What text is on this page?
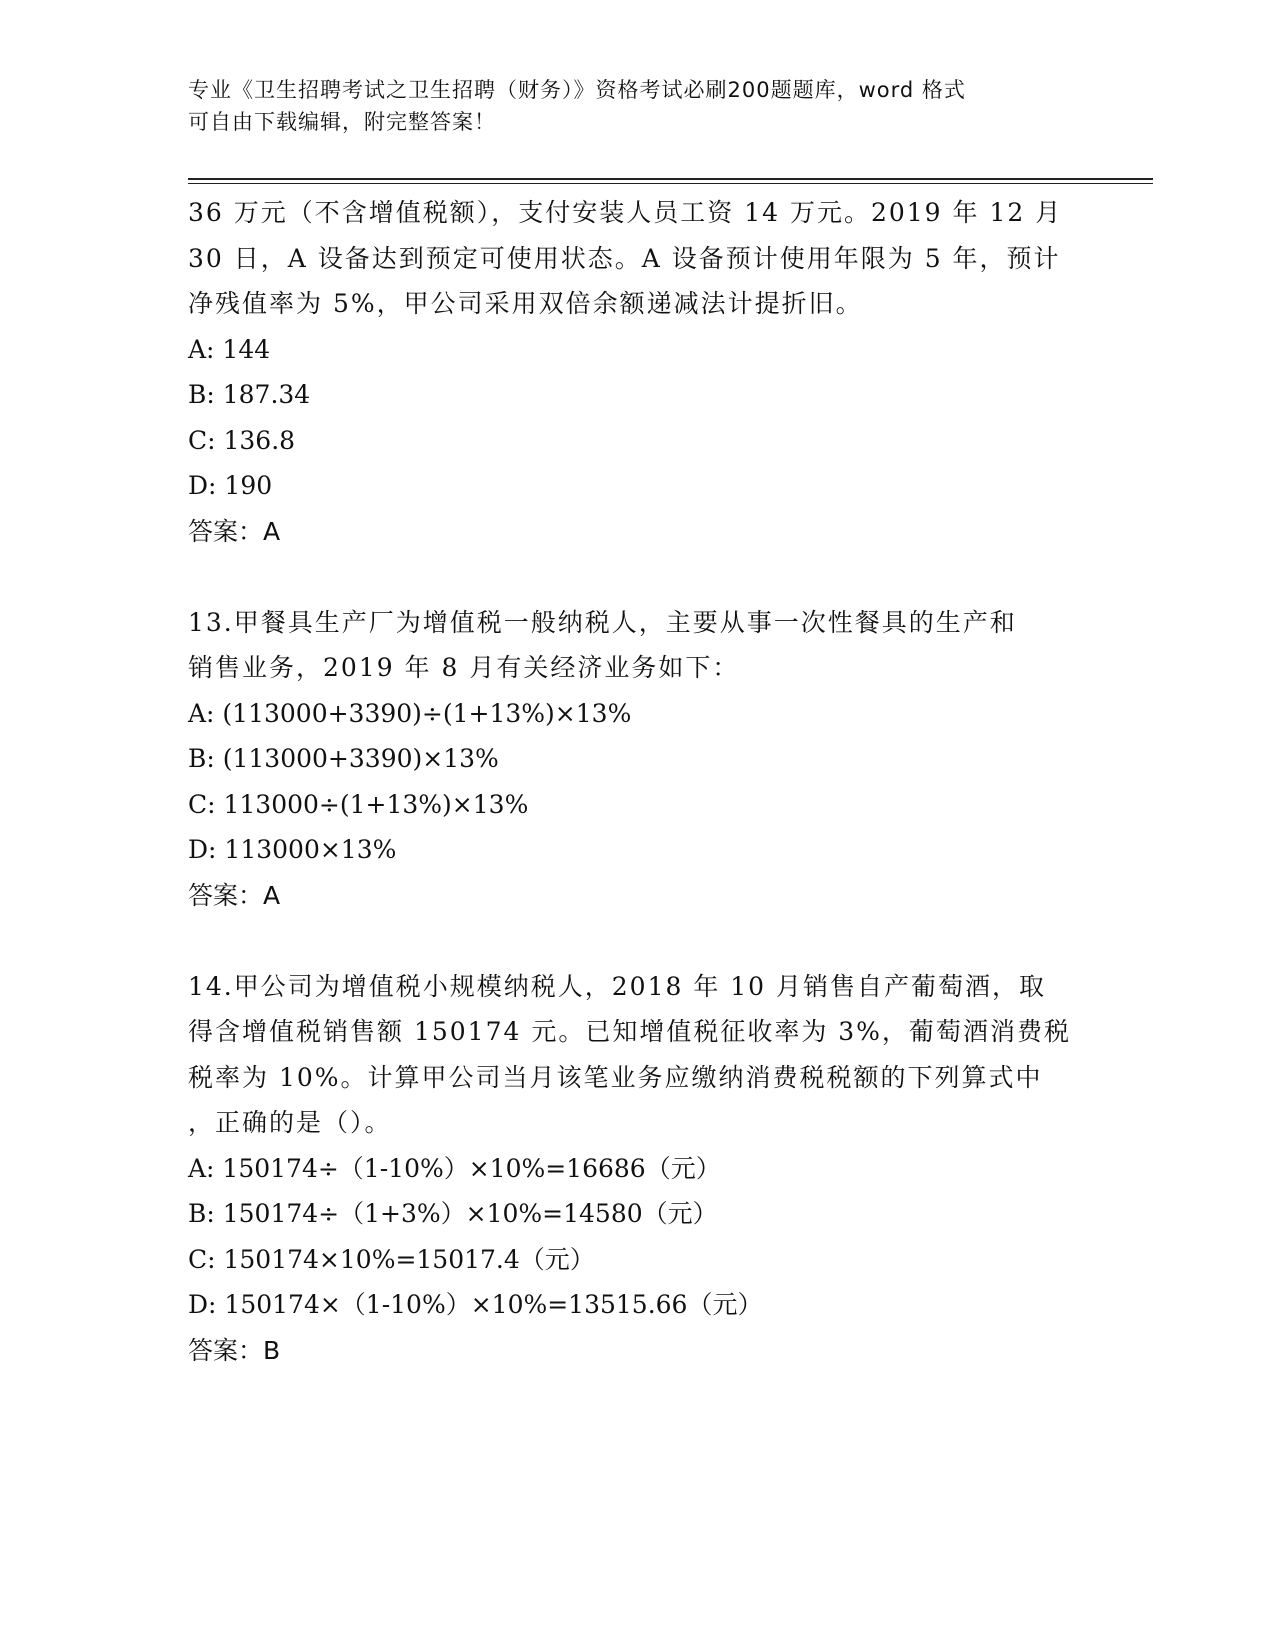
专业《卫生招聘考试之卫生招聘（财务）》资格考试必刷200题题库，word 格式
可自由下载编辑，附完整答案！

36 万元（不含增值税额），支付安装人员工资 14 万元。2019 年 12 月

30 日，A 设备达到预定可使用状态。A 设备预计使用年限为 5 年，预计

净残值率为 5%，甲公司采用双倍余额递减法计提折旧。

A: 144

B: 187.34

C: 136.8

D: 190

答案：A

13.甲餐具生产厂为增值税一般纳税人，主要从事一次性餐具的生产和

销售业务，2019 年 8 月有关经济业务如下：

A: (113000+3390)÷(1+13%)×13%

B: (113000+3390)×13%

C: 113000÷(1+13%)×13%

D: 113000×13%

答案：A

14.甲公司为增值税小规模纳税人，2018 年 10 月销售自产葡萄酒，取

得含增值税销售额 150174 元。已知增值税征收率为 3%，葡萄酒消费税

税率为 10%。计算甲公司当月该笔业务应缴纳消费税税额的下列算式中

，正确的是（）。

A: 150174÷（1-10%）×10%=16686（元）

B: 150174÷（1+3%）×10%=14580（元）

C: 150174×10%=15017.4（元）

D: 150174×（1-10%）×10%=13515.66（元）

答案：B
